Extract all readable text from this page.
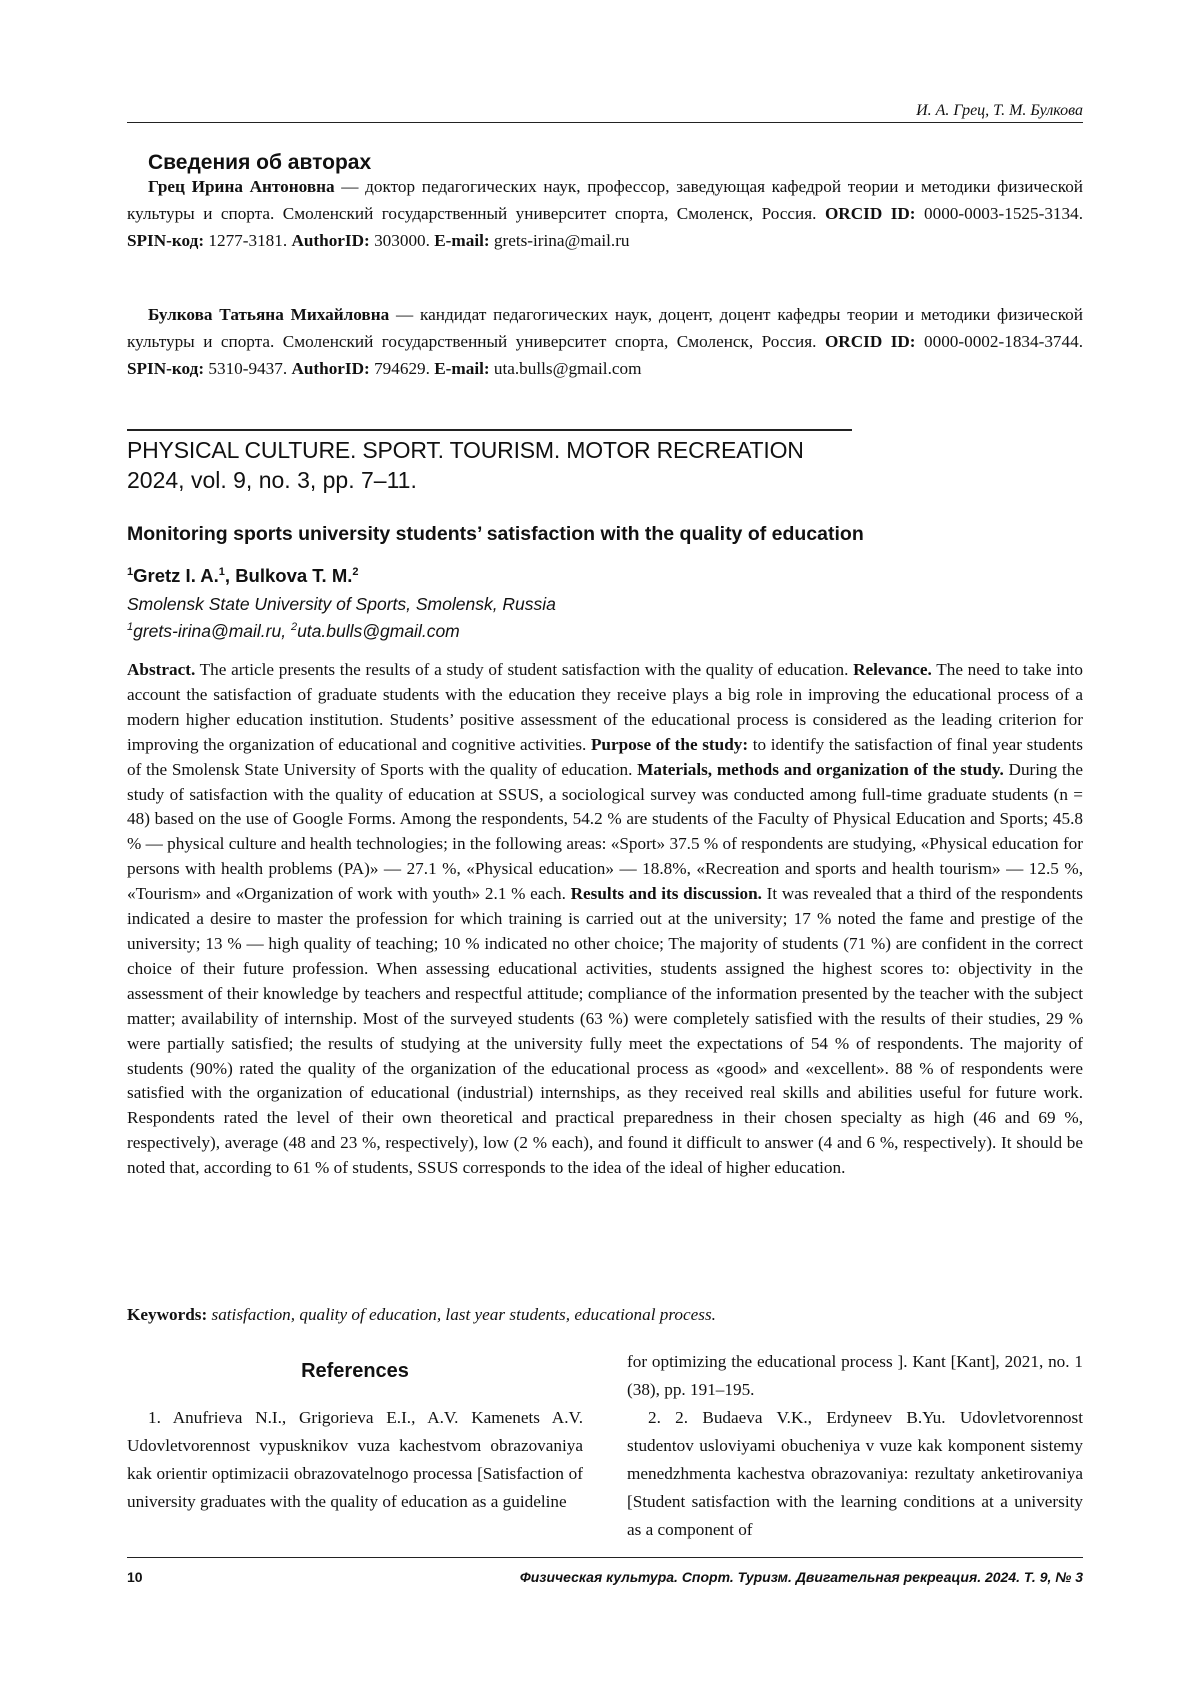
И. А. Грец, Т. М. Булкова
Сведения об авторах

Грец Ирина Антоновна — доктор педагогических наук, профессор, заведующая кафедрой теории и методики физической культуры и спорта. Смоленский государственный университет спорта, Смоленск, Россия. ORCID ID: 0000-0003-1525-3134. SPIN-код: 1277-3181. AuthorID: 303000. E-mail: grets-irina@mail.ru

Булкова Татьяна Михайловна — кандидат педагогических наук, доцент, доцент кафедры теории и методики физической культуры и спорта. Смоленский государственный университет спорта, Смоленск, Россия. ORCID ID: 0000-0002-1834-3744. SPIN-код: 5310-9437. AuthorID: 794629. E-mail: uta.bulls@gmail.com

PHYSICAL CULTURE. SPORT. TOURISM. MOTOR RECREATION
2024, vol. 9, no. 3, pp. 7–11.
Monitoring sports university students’ satisfaction with the quality of education
$^1$Gretz I. A.$^1$, Bulkova T. M.$^2$
Smolensk State University of Sports, Smolensk, Russia
$^1$grets-irina@mail.ru, $^2$uta.bulls@gmail.com

Abstract. The article presents the results of a study of student satisfaction with the quality of education. Relevance. The need to take into account the satisfaction of graduate students with the education they receive plays a big role in improving the educational process of a modern higher education institution. Students’ positive assessment of the educational process is considered as the leading criterion for improving the organization of educational and cognitive activities. Purpose of the study: to identify the satisfaction of final year students of the Smolensk State University of Sports with the quality of education. Materials, methods and organization of the study. During the study of satisfaction with the quality of education at SSUS, a sociological survey was conducted among full-time graduate students (n = 48) based on the use of Google Forms. Among the respondents, 54.2 % are students of the Faculty of Physical Education and Sports; 45.8 % — physical culture and health technologies; in the following areas: «Sport» 37.5 % of respondents are studying, «Physical education for persons with health problems (PA)» — 27.1 %, «Physical education» — 18.8%, «Recreation and sports and health tourism» — 12.5 %, «Tourism» and «Organization of work with youth» 2.1 % each. Results and its discussion. It was revealed that a third of the respondents indicated a desire to master the profession for which training is carried out at the university; 17 % noted the fame and prestige of the university; 13 % — high quality of teaching; 10 % indicated no other choice; The majority of students (71 %) are confident in the correct choice of their future profession. When assessing educational activities, students assigned the highest scores to: objectivity in the assessment of their knowledge by teachers and respectful attitude; compliance of the information presented by the teacher with the subject matter; availability of internship. Most of the surveyed students (63 %) were completely satisfied with the results of their studies, 29 % were partially satisfied; the results of studying at the university fully meet the expectations of 54 % of respondents. The majority of students (90%) rated the quality of the organization of the educational process as «good» and «excellent». 88 % of respondents were satisfied with the organization of educational (industrial) internships, as they received real skills and abilities useful for future work. Respondents rated the level of their own theoretical and practical preparedness in their chosen specialty as high (46 and 69 %, respectively), average (48 and 23 %, respectively), low (2 % each), and found it difficult to answer (4 and 6 %, respectively). It should be noted that, according to 61 % of students, SSUS corresponds to the idea of the ideal of higher education.

Keywords: satisfaction, quality of education, last year students, educational process.

References

1. Anufrieva N.I., Grigorieva E.I., A.V. Kamenets A.V. Udovletvorennost vypusknikov vuza kachestvom obrazovaniya kak orientir optimizacii obrazovatelnogo processa [Satisfaction of university graduates with the quality of education as a guideline

for optimizing the educational process ]. Kant [Kant], 2021, no. 1 (38), pp. 191–195.

2. 2. Budaeva V.K., Erdyneev B.Yu. Udovletvorennost studentov usloviyami obucheniya v vuze kak komponent sistemy menedzhmenta kachestva obrazovaniya: rezultaty anketirovaniya [Student satisfaction with the learning conditions at a university as a component of

10	Физическая культура. Спорт. Туризм. Двигательная рекреация. 2024. Т. 9, № 3
